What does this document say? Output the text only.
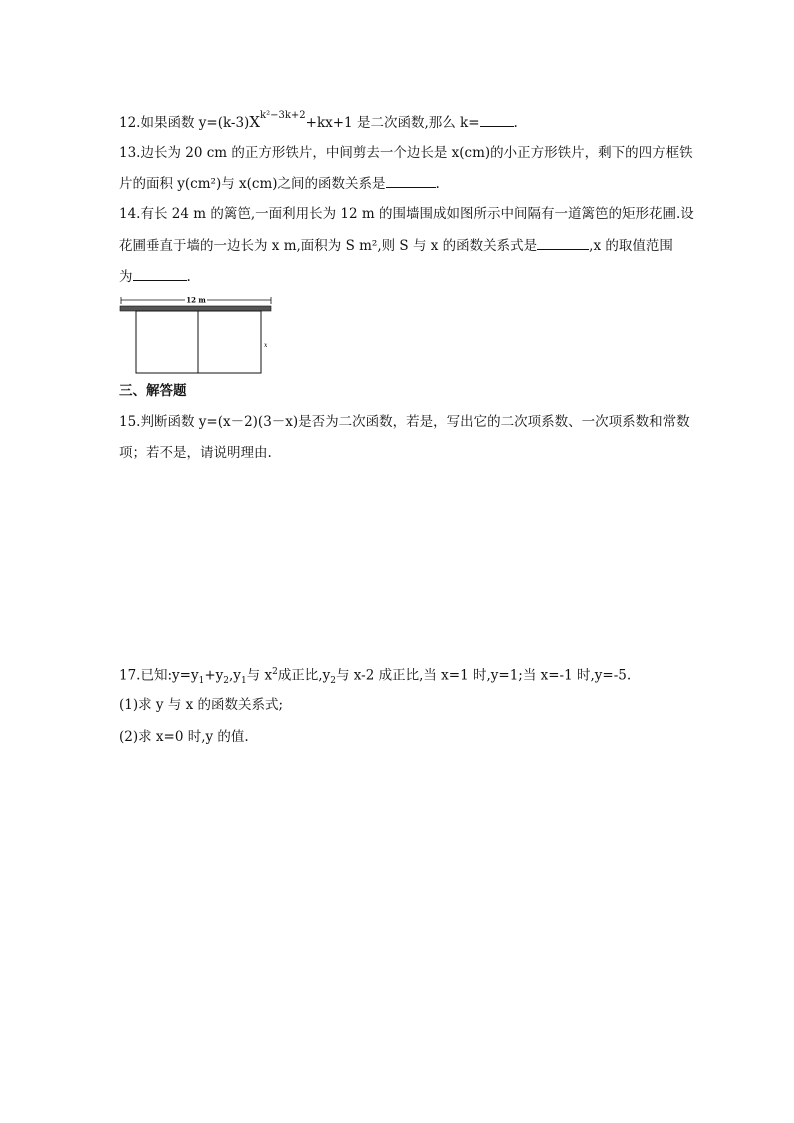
12.如果函数 $y=(k-3)X^{k^2-3k+2}+kx+1$ 是二次函数,那么 k=	.
13.边长为 20 cm 的正方形铁片，中间剪去一个边长是 x(cm)的小正方形铁片，剩下的四方框铁
片的面积 y(cm²)与 x(cm)之间的函数关系是	.
14.有长 24 m 的篱笆,一面利用长为 12 m 的围墙围成如图所示中间隔有一道篱笆的矩形花圃.设
花圃垂直于墙的一边长为 x m,面积为 S m²,则 S 与 x 的函数关系式是	,x 的取值范围
为	.
12 m
x
三、解答题
15.判断函数 y=(x－2)(3－x)是否为二次函数，若是，写出它的二次项系数、一次项系数和常数
项；若不是，请说明理由.
17.已知$:y=y_1+y_2,y_1$与 $x^2$成正比$,y_2$与 x-2 成正比,当 x=1 时,y=1;当 x=-1 时,y=-5.
(1)求 y 与 x 的函数关系式;
(2)求 x=0 时,y 的值.
